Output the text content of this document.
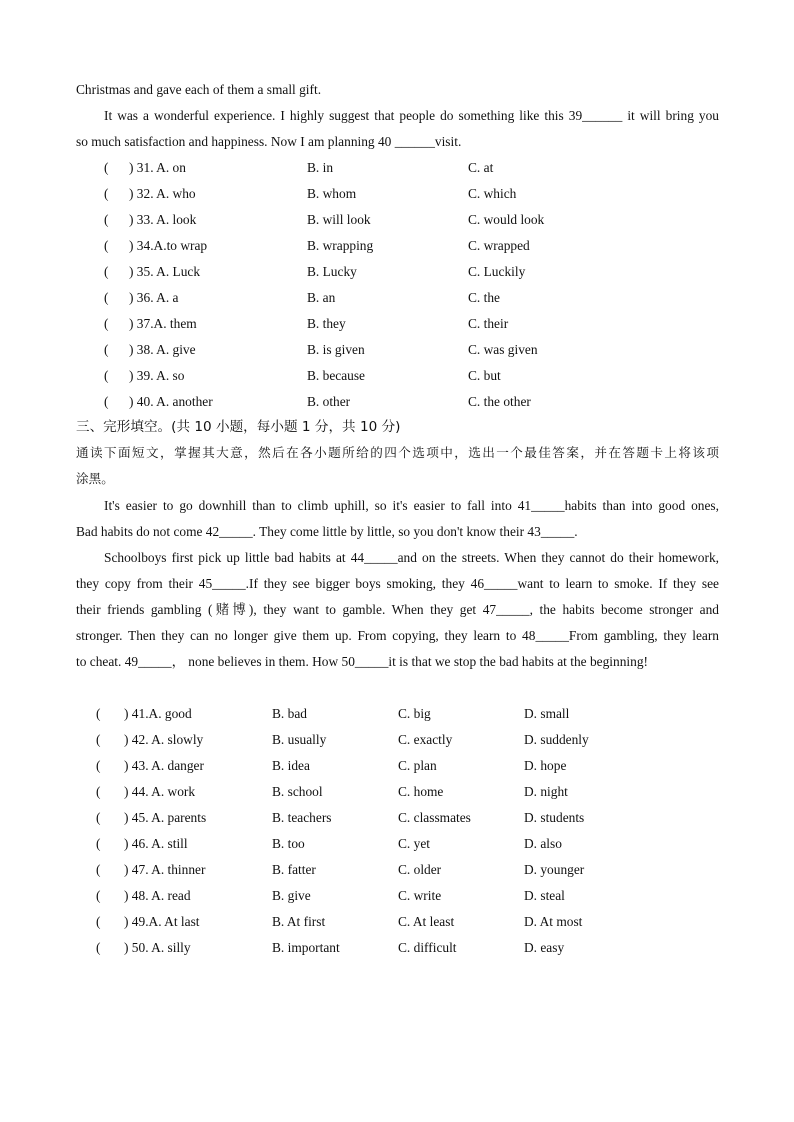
Christmas and gave each of them a small gift.
It was a wonderful experience. I highly suggest that people do something like this 39______ it will bring you
so much satisfaction and happiness. Now I am planning 40 ______visit.
( ) 31. A. on	B. in	C. at
( ) 32. A. who	B. whom	C. which
( ) 33. A. look	B. will look	C. would look
( ) 34.A.to wrap	B. wrapping	C. wrapped
( ) 35. A. Luck	B. Lucky	C. Luckily
( ) 36. A. a	B. an	C. the
( ) 37.A. them	B. they	C. their
( ) 38. A. give	B. is given	C. was given
( ) 39. A. so	B. because	C. but
( ) 40. A. another	B. other	C. the other
三、完形填空。(共 10 小题，每小题 1 分，共 10 分)
通读下面短文，掌握其大意，然后在各小题所给的四个选项中，选出一个最佳答案，并在答题卡上将该项
涂黑。
It's easier to go downhill than to climb uphill, so it's easier to fall into 41_____habits than into good ones,
Bad habits do not come 42_____. They come little by little, so you don't know their 43_____.
Schoolboys first pick up little bad habits at 44_____and on the streets. When they cannot do their homework,
they copy from their 45_____.If they see bigger boys smoking, they 46_____want to learn to smoke. If they see
their friends gambling (赌博), they want to gamble. When they get 47_____, the habits become stronger and
stronger. Then they can no longer give them up. From copying, they learn to 48_____From gambling, they learn
to cheat. 49_____， none believes in them. How 50_____it is that we stop the bad habits at the beginning!
( ) 41.A. good	B. bad	C. big	D. small
( ) 42. A. slowly	B. usually	C. exactly	D. suddenly
( ) 43. A. danger	B. idea	C. plan	D. hope
( ) 44. A. work	B. school	C. home	D. night
( ) 45. A. parents	B. teachers	C. classmates	D. students
( ) 46. A. still	B. too	C. yet	D. also
( ) 47. A. thinner	B. fatter	C. older	D. younger
( ) 48. A. read	B. give	C. write	D. steal
( ) 49.A. At last	B. At first	C. At least	D. At most
( ) 50. A. silly	B. important	C. difficult	D. easy
